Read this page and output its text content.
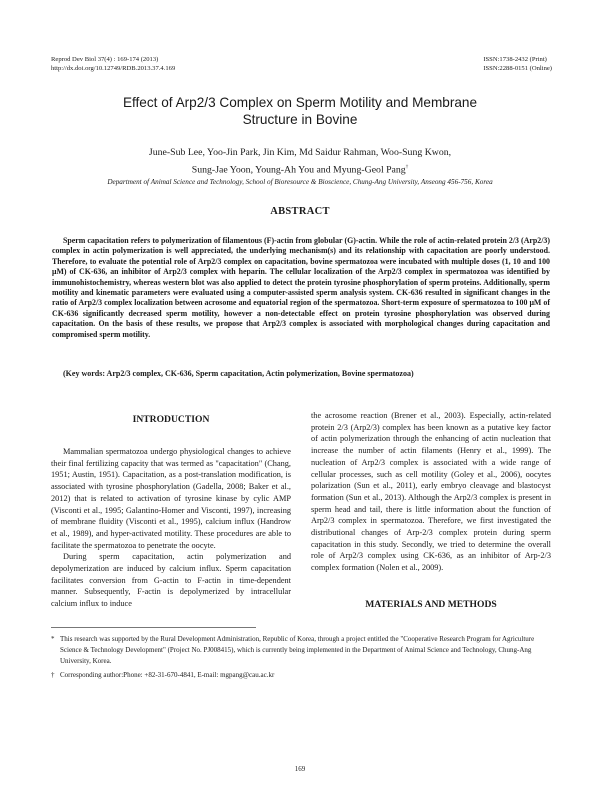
Reprod Dev Biol 37(4) : 169-174 (2013)
http://dx.doi.org/10.12749/RDB.2013.37.4.169
ISSN:1738-2432 (Print)
ISSN:2288-0151 (Online)
Effect of Arp2/3 Complex on Sperm Motility and Membrane
Structure in Bovine
June-Sub Lee, Yoo-Jin Park, Jin Kim, Md Saidur Rahman, Woo-Sung Kwon,
Sung-Jae Yoon, Young-Ah You and Myung-Geol Pang†
Department of Animal Science and Technology, School of Bioresource & Bioscience, Chung-Ang University, Anseong 456-756, Korea
ABSTRACT
Sperm capacitation refers to polymerization of filamentous (F)-actin from globular (G)-actin. While the role of actin-related protein 2/3 (Arp2/3) complex in actin polymerization is well appreciated, the underlying mechanism(s) and its relationship with capacitation are poorly understood. Therefore, to evaluate the potential role of Arp2/3 complex on capacitation, bovine spermatozoa were incubated with multiple doses (1, 10 and 100 μM) of CK-636, an inhibitor of Arp2/3 complex with heparin. The cellular localization of the Arp2/3 complex in spermatozoa was identified by immunohistochemistry, whereas western blot was also applied to detect the protein tyrosine phosphorylation of sperm proteins. Additionally, sperm motility and kinematic parameters were evaluated using a computer-assisted sperm analysis system. CK-636 resulted in significant changes in the ratio of Arp2/3 complex localization between acrosome and equatorial region of the spermatozoa. Short-term exposure of spermatozoa to 100 μM of CK-636 significantly decreased sperm motility, however a non-detectable effect on protein tyrosine phosphorylation was observed during capacitation. On the basis of these results, we propose that Arp2/3 complex is associated with morphological changes during capacitation and compromised sperm motility.
(Key words: Arp2/3 complex, CK-636, Sperm capacitation, Actin polymerization, Bovine spermatozoa)
INTRODUCTION

Mammalian spermatozoa undergo physiological changes to achieve their final fertilizing capacity that was termed as "capacitation" (Chang, 1951; Austin, 1951). Capacitation, as a post-translation modification, is associated with tyrosine phosphorylation (Gadella, 2008; Baker et al., 2012) that is related to activation of tyrosine kinase by cylic AMP (Visconti et al., 1995; Galantino-Homer and Visconti, 1997), increasing of membrane fluidity (Visconti et al., 1995), calcium influx (Handrow et al., 1989), and hyper-activated motility. These procedures are able to facilitate the spermatozoa to penetrate the oocyte.

During sperm capacitation, actin polymerization and depolymerization are induced by calcium influx. Sperm capacitation facilitates conversion from G-actin to F-actin in time-dependent manner. Subsequently, F-actin is depolymerized by intracellular calcium influx to induce

the acrosome reaction (Brener et al., 2003). Especially, actin-related protein 2/3 (Arp2/3) complex has been known as a putative key factor of actin polymerization through the enhancing of actin nucleation that increase the number of actin filaments (Henry et al., 1999). The nucleation of Arp2/3 complex is associated with a wide range of cellular processes, such as cell motility (Goley et al., 2006), oocytes polarization (Sun et al., 2011), early embryo cleavage and blastocyst formation (Sun et al., 2013). Although the Arp2/3 complex is present in sperm head and tail, there is little information about the function of Arp2/3 complex in spermatozoa. Therefore, we first investigated the distributional changes of Arp-2/3 complex protein during sperm capacitation in this study. Secondly, we tried to determine the overall role of Arp2/3 complex using CK-636, as an inhibitor of Arp-2/3 complex formation (Nolen et al., 2009).

MATERIALS AND METHODS
* This research was supported by the Rural Development Administration, Republic of Korea, through a project entitled the "Cooperative Research Program for Agriculture Science & Technology Development" (Project No. PJ008415), which is currently being implemented in the Department of Animal Science and Technology, Chung-Ang University, Korea.
† Corresponding author:Phone: +82-31-670-4841, E-mail: mgpang@cau.ac.kr
169
